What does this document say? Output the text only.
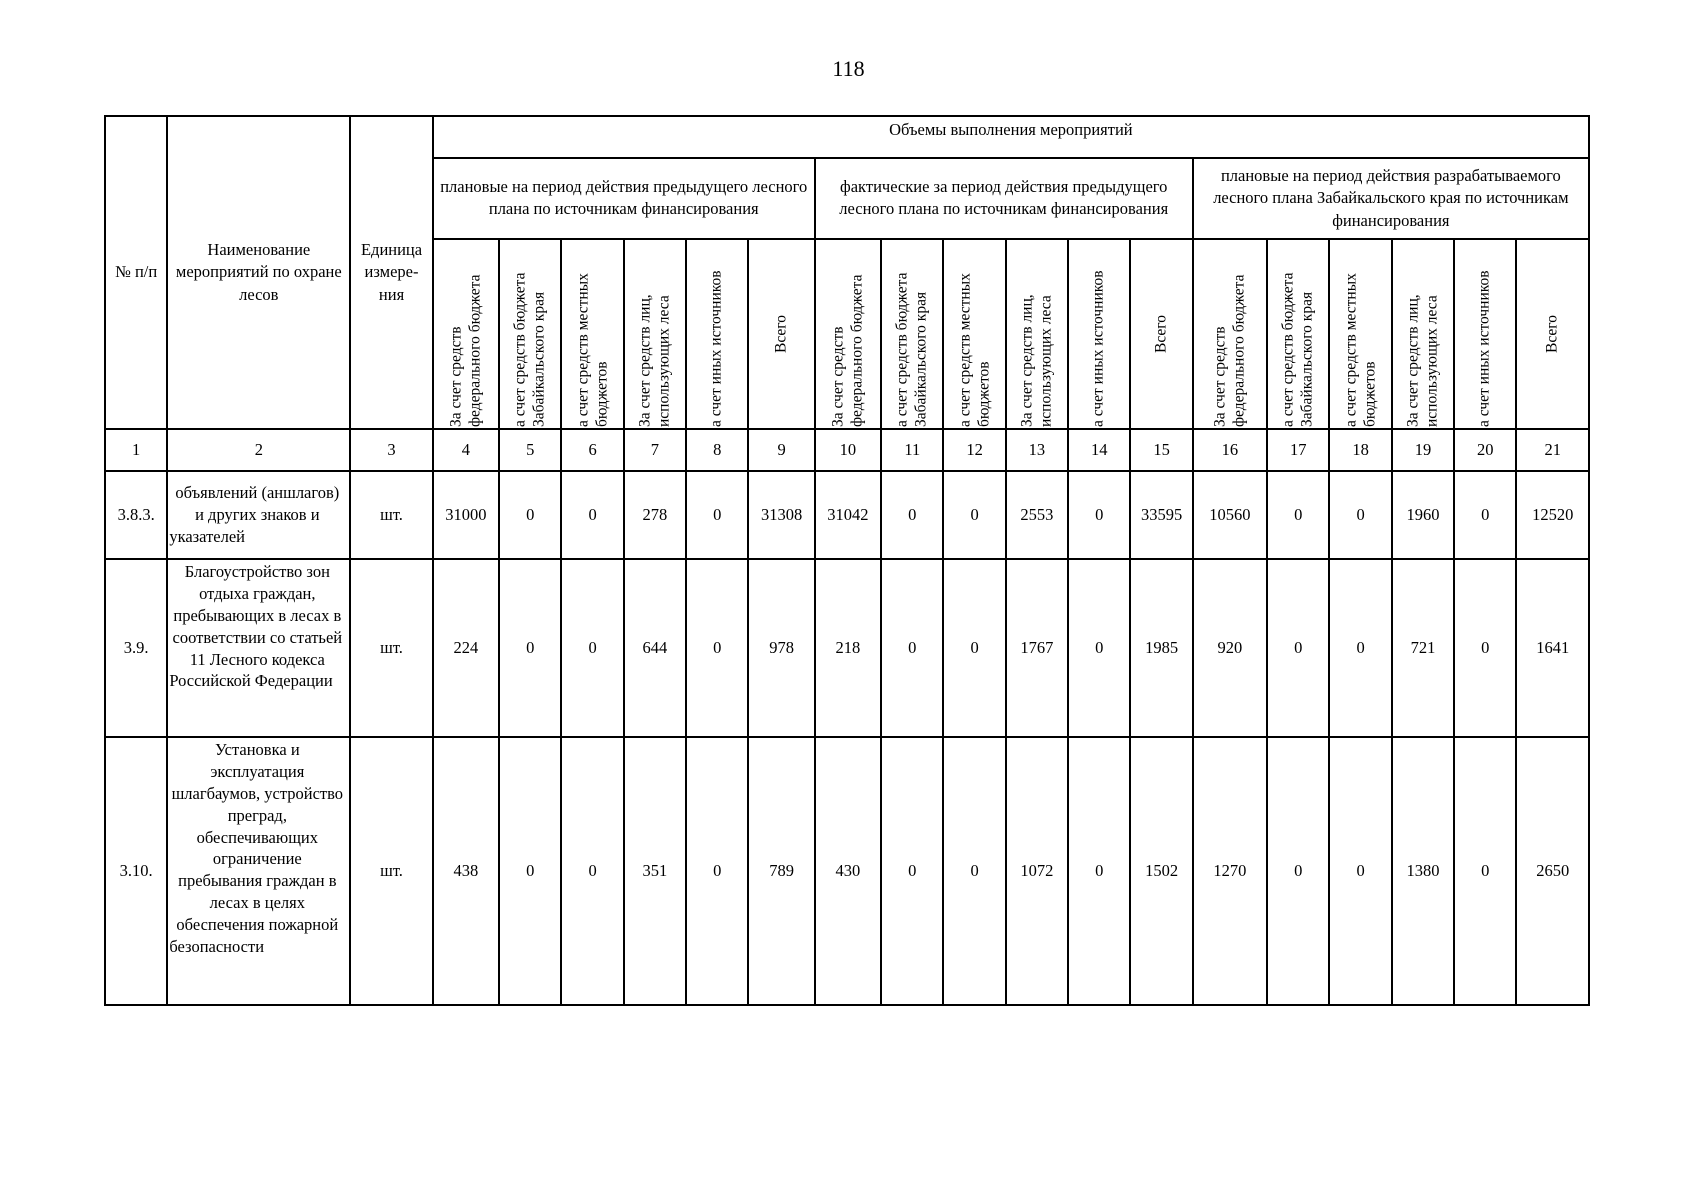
118
№ п/п	Наименование мероприятий по охране лесов	Единица измере- ния	Объемы выполнения мероприятий																	
			плановые на период действия предыдущего лесного плана по источникам финансирования						фактические за период действия предыдущего лесного плана по источникам финансирования						плановые на период действия разрабатываемого лесного плана Забайкальского края по источникам финансирования					

			За счет средств федерального бюджета	а счет средств бюджета Забайкальского края	а счет средств местных бюджетов	За счет средств лиц, использующих леса	а счет иных источников	Всего	За счет средств федерального бюджета	а счет средств бюджета Забайкальского края	а счет средств местных бюджетов	За счет средств лиц, использующих леса	а счет иных источников	Всего	За счет средств федерального бюджета	а счет средств бюджета Забайкальского края	а счет средств местных бюджетов	За счет средств лиц, использующих леса	а счет иных источников	Всего

1	2	3	4	5	6	7	8	9	10	11	12	13	14	15	16	17	18	19	20	21
3.8.3.	объявлений (аншлагов) и других знаков и указателей	шт.	31000	0	0	278	0	31308	31042	0	0	2553	0	33595	10560	0	0	1960	0	12520
3.9.	Благоустройство зон отдыха граждан, пребывающих в лесах в соответствии со статьей 11 Лесного кодекса Российской Федерации	шт.	224	0	0	644	0	978	218	0	0	1767	0	1985	920	0	0	721	0	1641
3.10.	Установка и эксплуатация шлагбаумов, устройство преград, обеспечивающих ограничение пребывания граждан в лесах в целях обеспечения пожарной безопасности	шт.	438	0	0	351	0	789	430	0	0	1072	0	1502	1270	0	0	1380	0	2650
